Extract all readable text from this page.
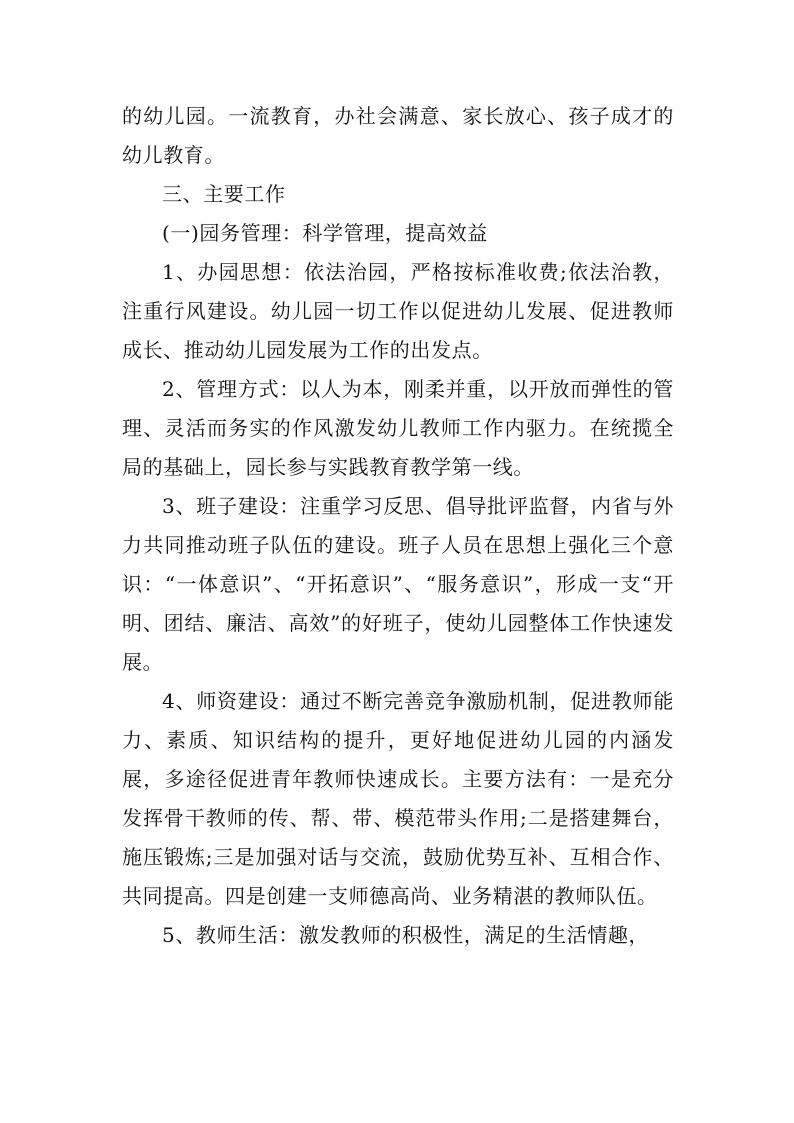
的幼儿园。一流教育，办社会满意、家长放心、孩子成才的幼儿教育。

三、主要工作

(一)园务管理：科学管理，提高效益

1、办园思想：依法治园，严格按标准收费;依法治教，注重行风建设。幼儿园一切工作以促进幼儿发展、促进教师成长、推动幼儿园发展为工作的出发点。

2、管理方式：以人为本，刚柔并重，以开放而弹性的管理、灵活而务实的作风激发幼儿教师工作内驱力。在统揽全局的基础上，园长参与实践教育教学第一线。

3、班子建设：注重学习反思、倡导批评监督，内省与外力共同推动班子队伍的建设。班子人员在思想上强化三个意识：“一体意识”、“开拓意识”、“服务意识”，形成一支“开明、团结、廉洁、高效”的好班子，使幼儿园整体工作快速发展。

4、师资建设：通过不断完善竞争激励机制，促进教师能力、素质、知识结构的提升，更好地促进幼儿园的内涵发展，多途径促进青年教师快速成长。主要方法有：一是充分发挥骨干教师的传、帮、带、模范带头作用;二是搭建舞台，施压锻炼;三是加强对话与交流，鼓励优势互补、互相合作、共同提高。四是创建一支师德高尚、业务精湛的教师队伍。

5、教师生活：激发教师的积极性，满足的生活情趣，
